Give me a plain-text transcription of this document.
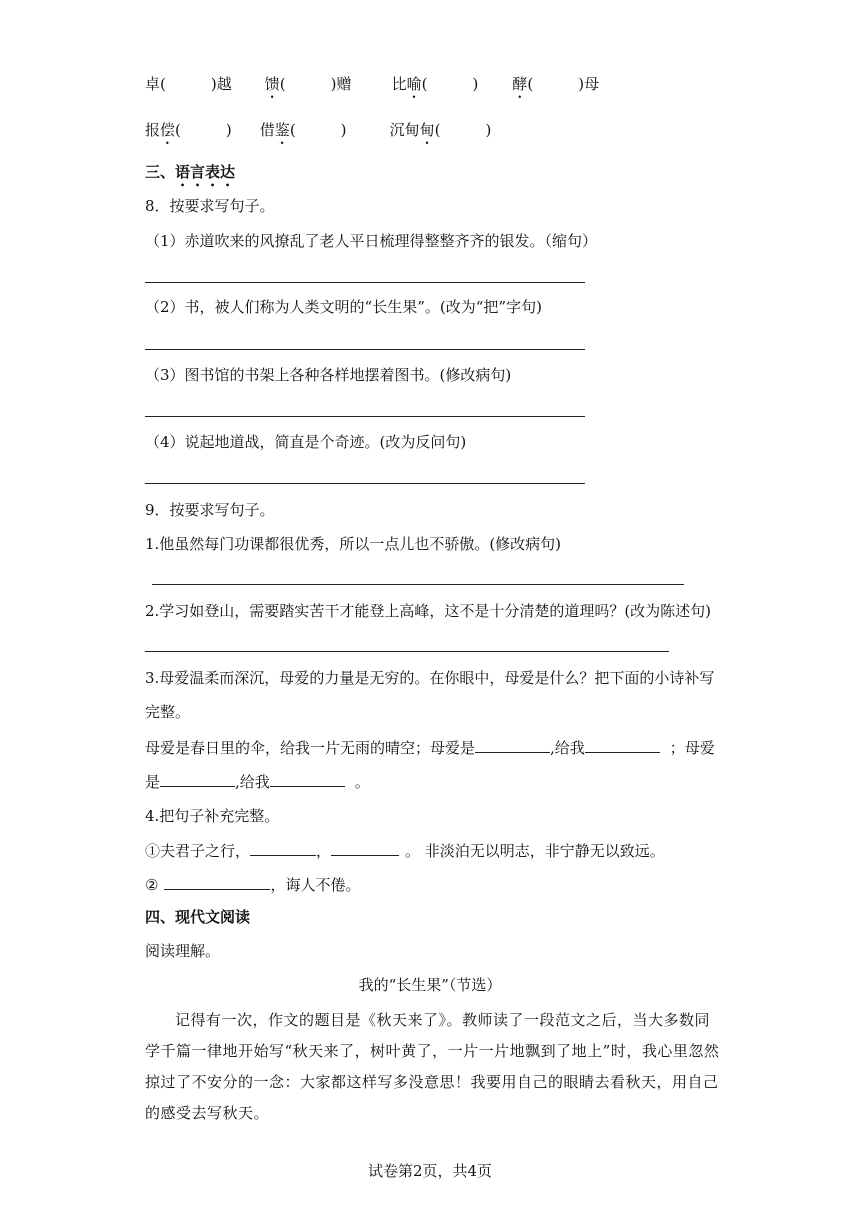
卓(　　　)越 馈(　　　)赠	比喻(　　　) 酵(　　　)母
报偿(　　　) 借鉴(　　　)	沉甸甸(　　　)
三、语言表达
8．按要求写句子。
（1）赤道吹来的风撩乱了老人平日梳理得整整齐齐的银发。（缩句）
（2）书，被人们称为人类文明的“长生果”。(改为“把”字句)
（3）图书馆的书架上各种各样地摆着图书。(修改病句)
（4）说起地道战，简直是个奇迹。(改为反问句)
9．按要求写句子。
1.他虽然每门功课都很优秀，所以一点儿也不骄傲。(修改病句)
2.学习如登山，需要踏实苦干才能登上高峰，这不是十分清楚的道理吗？(改为陈述句)
3.母爱温柔而深沉，母爱的力量是无穷的。在你眼中，母爱是什么？把下面的小诗补写
完整。
母爱是春日里的伞，给我一片无雨的晴空；母爱是	,给我	；母爱
是	,给我	。
4.把句子补充完整。
①夫君子之行，	，	。 非淡泊无以明志，非宁静无以致远。
②	，诲人不倦。
四、现代文阅读
阅读理解。
我的“长生果”（节选）

记得有一次，作文的题目是《秋天来了》。教师读了一段范文之后，当大多数同学千篇一律地开始写“秋天来了，树叶黄了，一片一片地飘到了地上”时，我心里忽然掠过了不安分的一念：大家都这样写多没意思！我要用自己的眼睛去看秋天，用自己的感受去写秋天。

试卷第2页，共4页
